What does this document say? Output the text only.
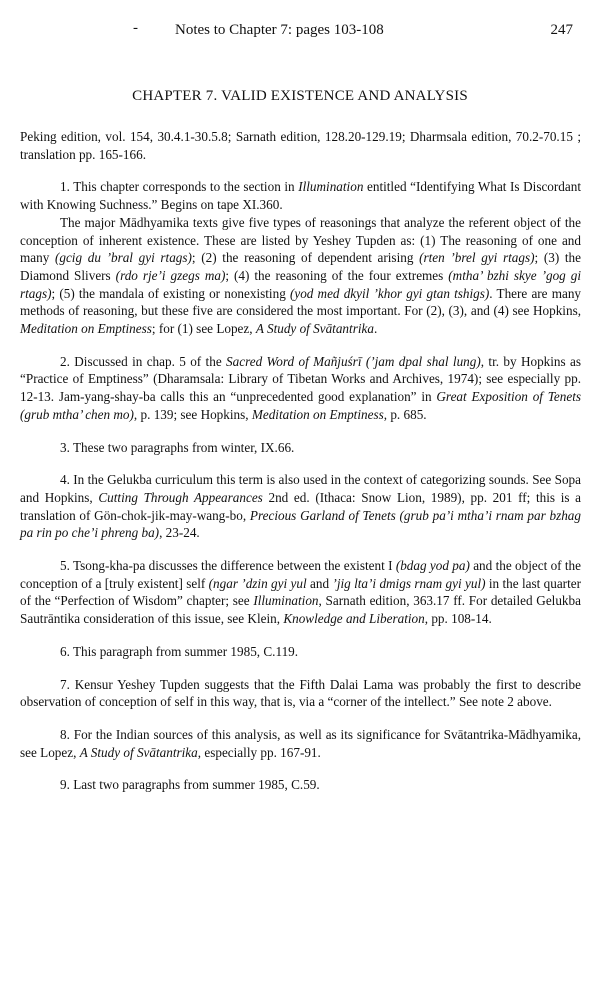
- Notes to Chapter 7: pages 103-108	247
CHAPTER 7. VALID EXISTENCE AND ANALYSIS

Peking edition, vol. 154, 30.4.1-30.5.8; Sarnath edition, 128.20-129.19; Dharmsala edition, 70.2-70.15 ; translation pp. 165-166.

1. This chapter corresponds to the section in Illumination entitled “Identifying What Is Discordant with Knowing Suchness.” Begins on tape XI.360.

The major Mādhyamika texts give five types of reasonings that analyze the referent object of the conception of inherent existence. These are listed by Yeshey Tupden as: (1) The reasoning of one and many (gcig du ’bral gyi rtags); (2) the reasoning of dependent arising (rten ’brel gyi rtags); (3) the Diamond Slivers (rdo rje’i gzegs ma); (4) the reasoning of the four extremes (mtha’ bzhi skye ’gog gi rtags); (5) the mandala of existing or nonexisting (yod med dkyil ’khor gyi gtan tshigs). There are many methods of reasoning, but these five are considered the most important. For (2), (3), and (4) see Hopkins, Meditation on Emptiness; for (1) see Lopez, A Study of Svātantrika.

2. Discussed in chap. 5 of the Sacred Word of Mañjuśrī (’jam dpal shal lung), tr. by Hopkins as “Practice of Emptiness” (Dharamsala: Library of Tibetan Works and Archives, 1974); see especially pp. 12-13. Jam-yang-shay-ba calls this an “unprecedented good explanation” in Great Exposition of Tenets (grub mtha’ chen mo), p. 139; see Hopkins, Meditation on Emptiness, p. 685.

3. These two paragraphs from winter, IX.66.

4. In the Gelukba curriculum this term is also used in the context of categorizing sounds. See Sopa and Hopkins, Cutting Through Appearances 2nd ed. (Ithaca: Snow Lion, 1989), pp. 201 ff; this is a translation of Gön-chok-jik-may-wang-bo, Precious Garland of Tenets (grub pa’i mtha’i rnam par bzhag pa rin po che’i phreng ba), 23-24.

5. Tsong-kha-pa discusses the difference between the existent I (bdag yod pa) and the object of the conception of a [truly existent] self (ngar ’dzin gyi yul and ’jig lta’i dmigs rnam gyi yul) in the last quarter of the “Perfection of Wisdom” chapter; see Illumination, Sarnath edition, 363.17 ff. For detailed Gelukba Sautrāntika consideration of this issue, see Klein, Knowledge and Liberation, pp. 108-14.

6. This paragraph from summer 1985, C.119.

7. Kensur Yeshey Tupden suggests that the Fifth Dalai Lama was probably the first to describe observation of conception of self in this way, that is, via a “corner of the intellect.” See note 2 above.

8. For the Indian sources of this analysis, as well as its significance for Svātantrika-Mādhyamika, see Lopez, A Study of Svātantrika, especially pp. 167-91.

9. Last two paragraphs from summer 1985, C.59.
